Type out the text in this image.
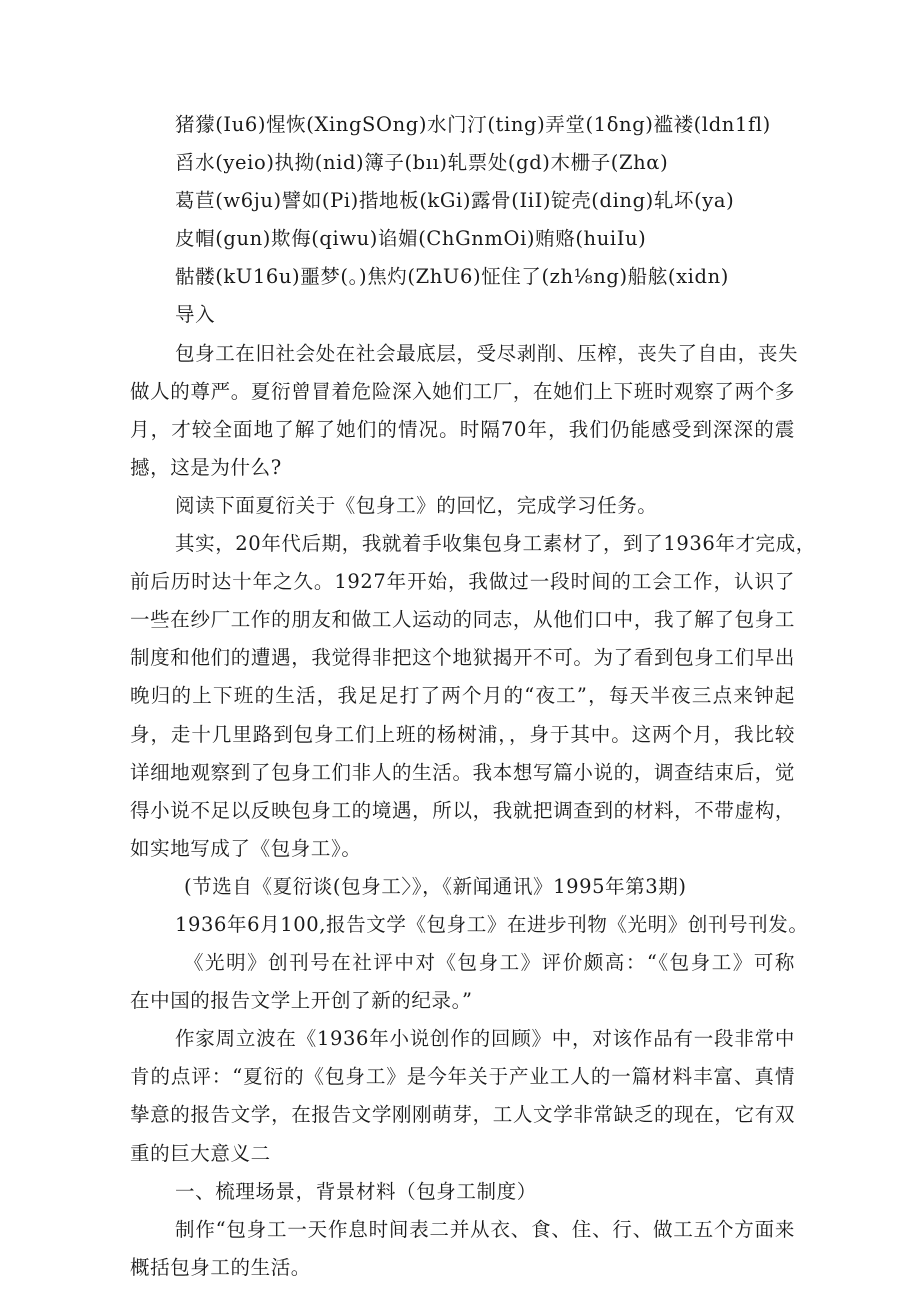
猪獴(Iu6)惺恢(XingSOng)水门汀(ting)弄堂(1δng)褴褛(ldn1fl)
舀水(yeio)执拗(nid)簿子(bıı)轧票处(gd)木栅子(Zhα)
葛苣(w6ju)譬如(Pi)揩地板(kGi)露骨(IiI)锭壳(ding)轧坏(ya)
皮帽(gun)欺侮(qiwu)谄媚(ChGnmOi)贿赂(huiIu)
骷髅(kU16u)噩梦(。)焦灼(ZhU6)怔住了(zh⅛ng)船舷(xidn)
导入
包身工在旧社会处在社会最底层，受尽剥削、压榨，丧失了自由，丧失
做人的尊严。夏衍曾冒着危险深入她们工厂，在她们上下班时观察了两个多
月，才较全面地了解了她们的情况。时隔70年，我们仍能感受到深深的震
撼，这是为什么?
阅读下面夏衍关于《包身工》的回忆，完成学习任务。
其实，20年代后期，我就着手收集包身工素材了，到了1936年才完成，
前后历时达十年之久。1927年开始，我做过一段时间的工会工作，认识了
一些在纱厂工作的朋友和做工人运动的同志，从他们口中，我了解了包身工
制度和他们的遭遇，我觉得非把这个地狱揭开不可。为了看到包身工们早出
晚归的上下班的生活，我足足打了两个月的“夜工”，每天半夜三点来钟起
身，走十几里路到包身工们上班的杨树浦，，身于其中。这两个月，我比较
详细地观察到了包身工们非人的生活。我本想写篇小说的，调查结束后，觉
得小说不足以反映包身工的境遇，所以，我就把调查到的材料，不带虚构，
如实地写成了《包身工》。
(节选自《夏衍谈(包身工〉》，《新闻通讯》1995年第3期)
1936年6月100,报告文学《包身工》在进步刊物《光明》创刊号刊发。
《光明》创刊号在社评中对《包身工》评价颇高：“《包身工》可称
在中国的报告文学上开创了新的纪录。”
作家周立波在《1936年小说创作的回顾》中，对该作品有一段非常中
肯的点评：“夏衍的《包身工》是今年关于产业工人的一篇材料丰富、真情
挚意的报告文学，在报告文学刚刚萌芽，工人文学非常缺乏的现在，它有双
重的巨大意义二
一、梳理场景，背景材料（包身工制度）
制作“包身工一天作息时间表二并从衣、食、住、行、做工五个方面来
概括包身工的生活。
